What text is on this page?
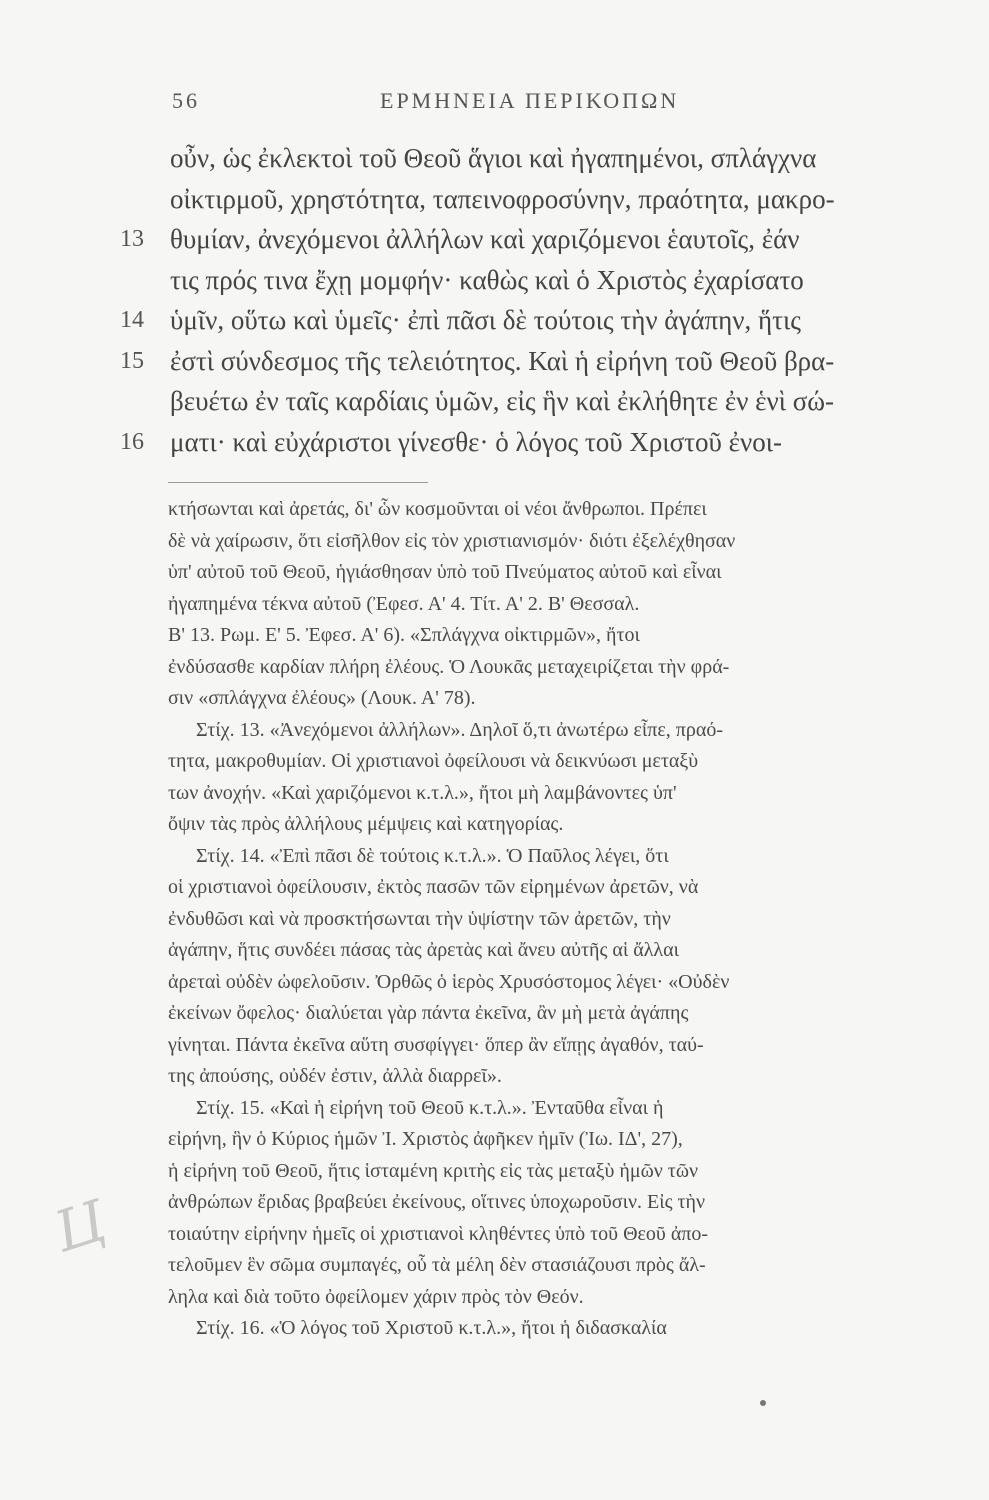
56	ΕΡΜΗΝΕΙΑ ΠΕΡΙΚΟΠΩΝ
οὖν, ὡς ἐκλεκτοὶ τοῦ Θεοῦ ἅγιοι καὶ ἠγαπημένοι, σπλάγχνα
οἰκτιρμοῦ, χρηστότητα, ταπεινοφροσύνην, πραότητα, μακρο-
13 θυμίαν, ἀνεχόμενοι ἀλλήλων καὶ χαριζόμενοι ἑαυτοῖς, ἐάν
τις πρός τινα ἔχῃ μομφήν· καθὼς καὶ ὁ Χριστὸς ἐχαρίσατο
14 ὑμῖν, οὕτω καὶ ὑμεῖς· ἐπὶ πᾶσι δὲ τούτοις τὴν ἀγάπην, ἥτις
15 ἐστὶ σύνδεσμος τῆς τελειότητος. Καὶ ἡ εἰρήνη τοῦ Θεοῦ βρα-
βευέτω ἐν ταῖς καρδίαις ὑμῶν, εἰς ἣν καὶ ἐκλήθητε ἐν ἑνὶ σώ-
16 ματι· καὶ εὐχάριστοι γίνεσθε· ὁ λόγος τοῦ Χριστοῦ ἐνοι-
κτήσωνται καὶ ἀρετάς, δι' ὧν κοσμοῦνται οἱ νέοι ἄνθρωποι. Πρέπει
δὲ νὰ χαίρωσιν, ὅτι εἰσῆλθον εἰς τὸν χριστιανισμόν· διότι ἐξελέχθησαν
ὑπ' αὐτοῦ τοῦ Θεοῦ, ἡγιάσθησαν ὑπὸ τοῦ Πνεύματος αὐτοῦ καὶ εἶναι
ἠγαπημένα τέκνα αὐτοῦ (Ἐφεσ. Α' 4. Τίτ. Α' 2. Β' Θεσσαλ.
Β' 13. Ρωμ. Ε' 5. Ἐφεσ. Α' 6). «Σπλάγχνα οἰκτιρμῶν», ἤτοι
ἐνδύσασθε καρδίαν πλήρη ἐλέους. Ὁ Λουκᾶς μεταχειρίζεται τὴν φρά-
σιν «σπλάγχνα ἐλέους» (Λουκ. Α' 78).
Στίχ. 13. «Ἀνεχόμενοι ἀλλήλων». Δηλοῖ ὅ,τι ἀνωτέρω εἶπε, πραό-
τητα, μακροθυμίαν. Οἱ χριστιανοὶ ὀφείλουσι νὰ δεικνύωσι μεταξὺ
των ἀνοχήν. «Καὶ χαριζόμενοι κ.τ.λ.», ἤτοι μὴ λαμβάνοντες ὑπ'
ὄψιν τὰς πρὸς ἀλλήλους μέμψεις καὶ κατηγορίας.
Στίχ. 14. «Ἐπὶ πᾶσι δὲ τούτοις κ.τ.λ.». Ὁ Παῦλος λέγει, ὅτι
οἱ χριστιανοὶ ὀφείλουσιν, ἐκτὸς πασῶν τῶν εἰρημένων ἀρετῶν, νὰ
ἐνδυθῶσι καὶ νὰ προσκτήσωνται τὴν ὑψίστην τῶν ἀρετῶν, τὴν
ἀγάπην, ἥτις συνδέει πάσας τὰς ἀρετὰς καὶ ἄνευ αὐτῆς αἱ ἄλλαι
ἀρεταὶ οὐδὲν ὠφελοῦσιν. Ὀρθῶς ὁ ἱερὸς Χρυσόστομος λέγει· «Οὐδὲν
ἐκείνων ὄφελος· διαλύεται γὰρ πάντα ἐκεῖνα, ἂν μὴ μετὰ ἀγάπης
γίνηται. Πάντα ἐκεῖνα αὕτη συσφίγγει· ὅπερ ἂν εἴπῃς ἀγαθόν, ταύ-
της ἀπούσης, οὐδέν ἐστιν, ἀλλὰ διαρρεῖ».
Στίχ. 15. «Καὶ ἡ εἰρήνη τοῦ Θεοῦ κ.τ.λ.». Ἐνταῦθα εἶναι ἡ
εἰρήνη, ἣν ὁ Κύριος ἡμῶν Ἰ. Χριστὸς ἀφῆκεν ἡμῖν (Ἰω. ΙΔ', 27),
ἡ εἰρήνη τοῦ Θεοῦ, ἥτις ἱσταμένη κριτὴς εἰς τὰς μεταξὺ ἡμῶν τῶν
ἀνθρώπων ἔριδας βραβεύει ἐκείνους, οἵτινες ὑποχωροῦσιν. Εἰς τὴν
τοιαύτην εἰρήνην ἡμεῖς οἱ χριστιανοὶ κληθέντες ὑπὸ τοῦ Θεοῦ ἀπο-
τελοῦμεν ἓν σῶμα συμπαγές, οὗ τὰ μέλη δὲν στασιάζουσι πρὸς ἄλ-
ληλα καὶ διὰ τοῦτο ὀφείλομεν χάριν πρὸς τὸν Θεόν.
Στίχ. 16. «Ὁ λόγος τοῦ Χριστοῦ κ.τ.λ.», ἤτοι ἡ διδασκαλία
Ц
